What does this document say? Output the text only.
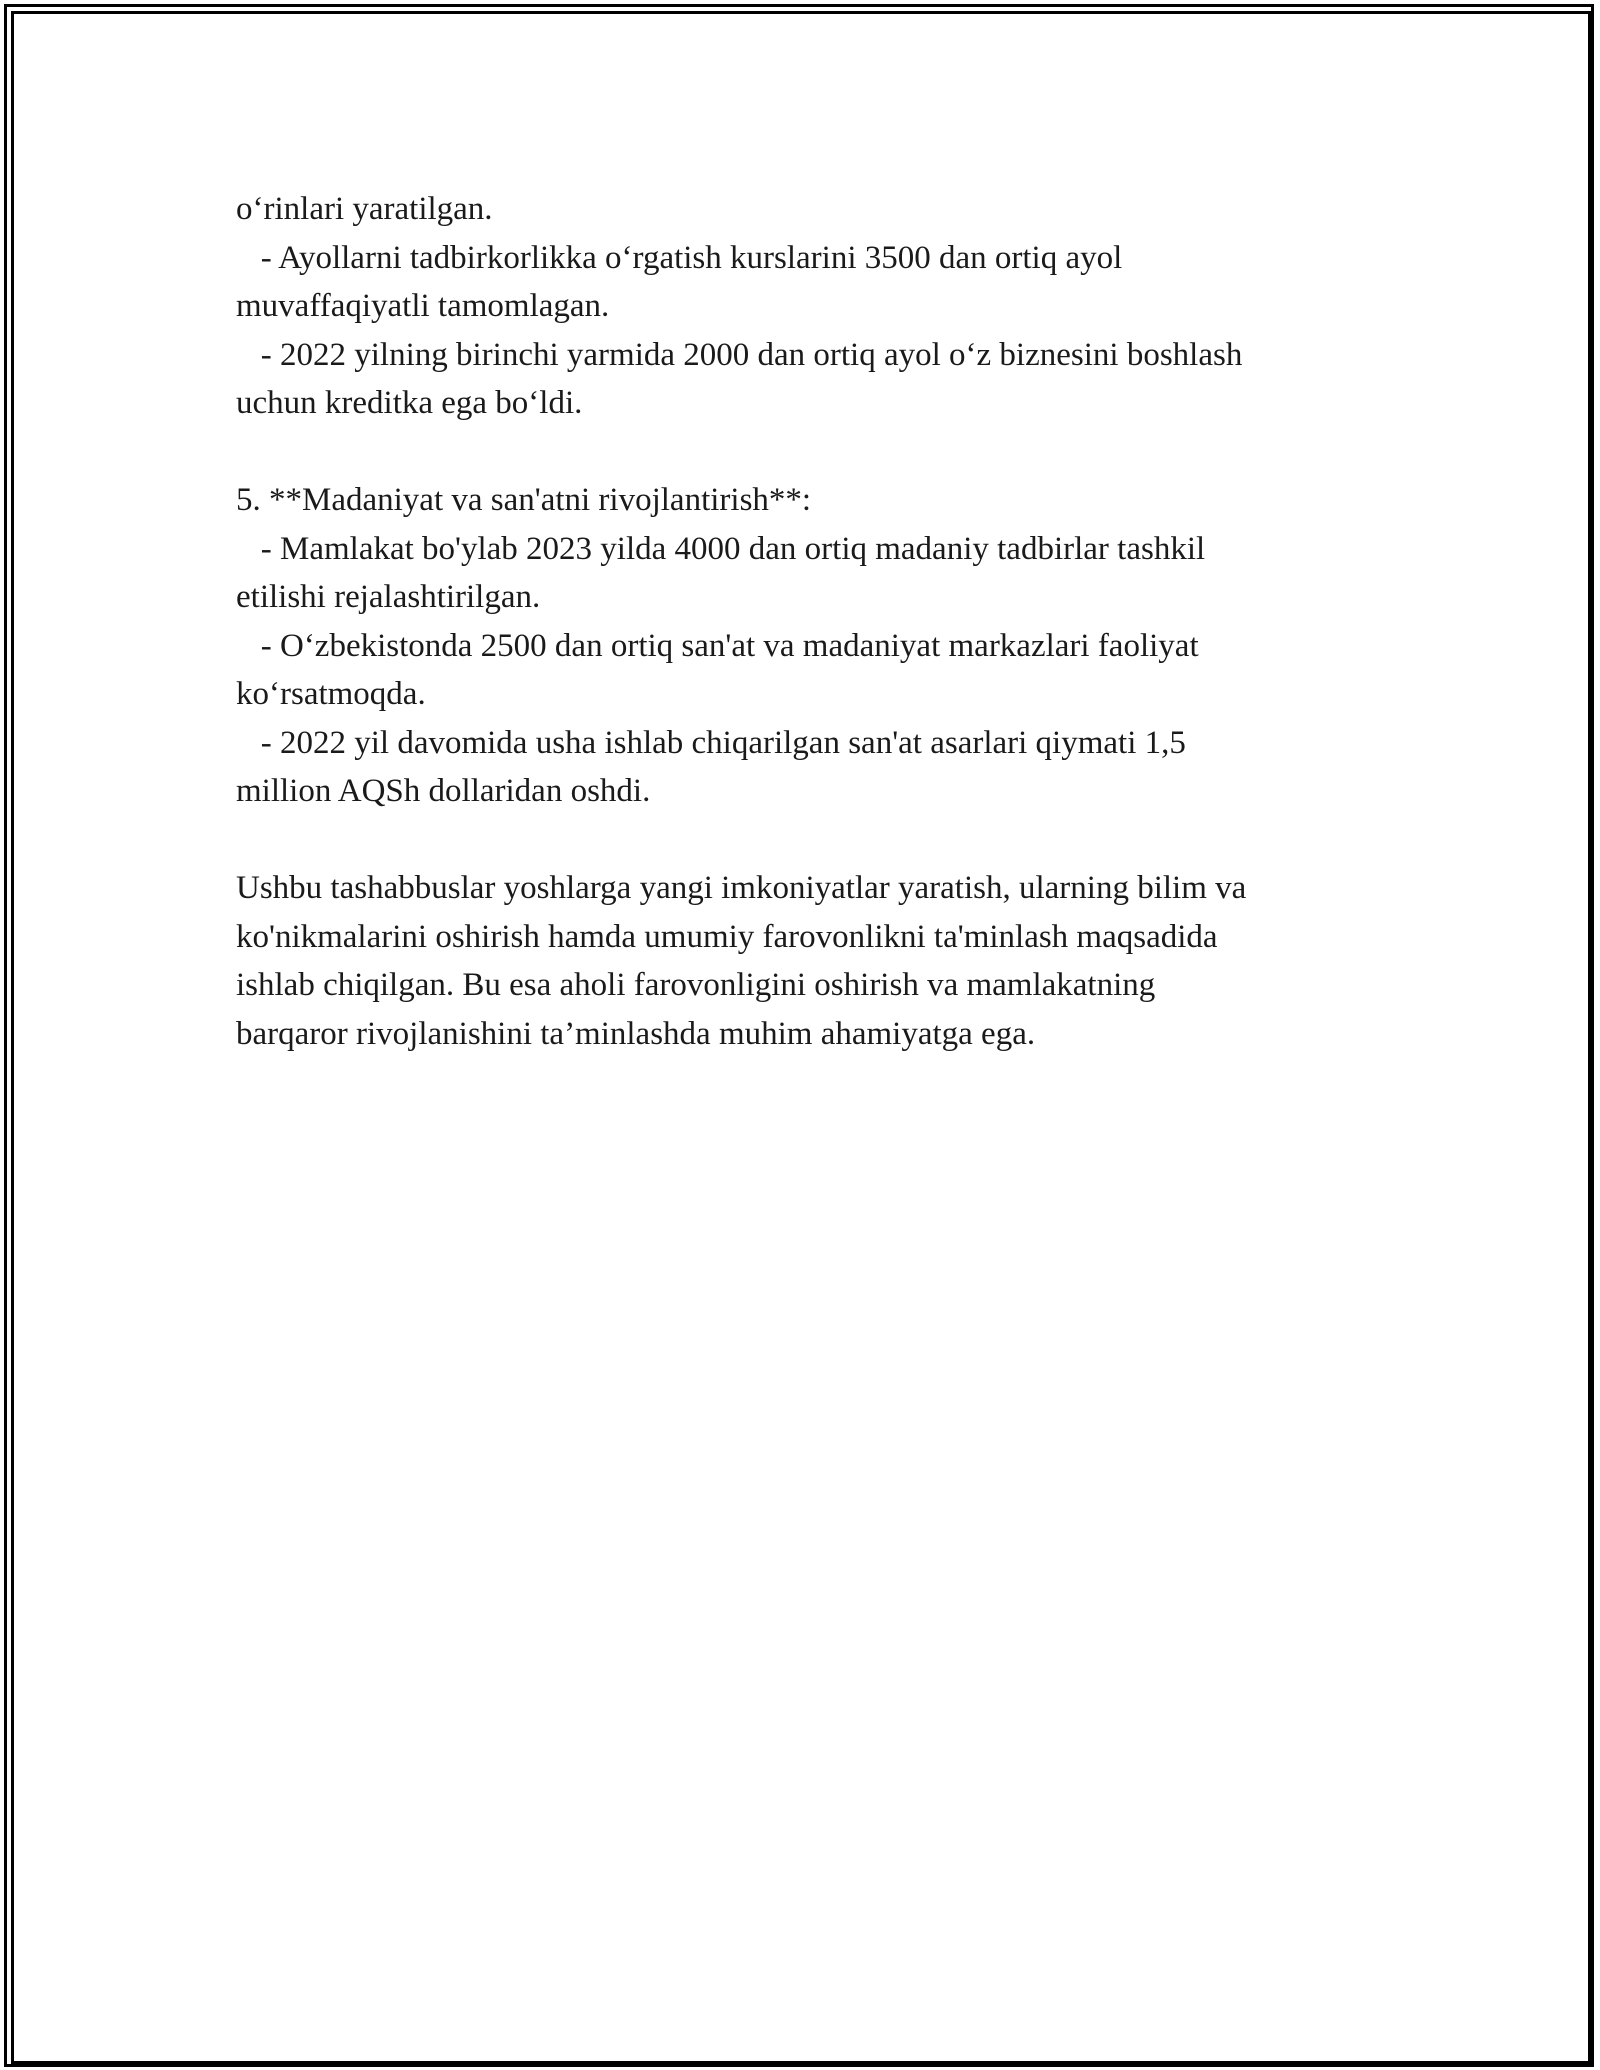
o‘rinlari yaratilgan.
- Ayollarni tadbirkorlikka o‘rgatish kurslarini 3500 dan ortiq ayol
muvaffaqiyatli tamomlagan.
- 2022 yilning birinchi yarmida 2000 dan ortiq ayol o‘z biznesini boshlash
uchun kreditka ega bo‘ldi.
5. **Madaniyat va san'atni rivojlantirish**:
- Mamlakat bo'ylab 2023 yilda 4000 dan ortiq madaniy tadbirlar tashkil
etilishi rejalashtirilgan.
- O‘zbekistonda 2500 dan ortiq san'at va madaniyat markazlari faoliyat
ko‘rsatmoqda.
- 2022 yil davomida usha ishlab chiqarilgan san'at asarlari qiymati 1,5
million AQSh dollaridan oshdi.
Ushbu tashabbuslar yoshlarga yangi imkoniyatlar yaratish, ularning bilim va
ko'nikmalarini oshirish hamda umumiy farovonlikni ta'minlash maqsadida
ishlab chiqilgan. Bu esa aholi farovonligini oshirish va mamlakatning
barqaror rivojlanishini ta’minlashda muhim ahamiyatga ega.
